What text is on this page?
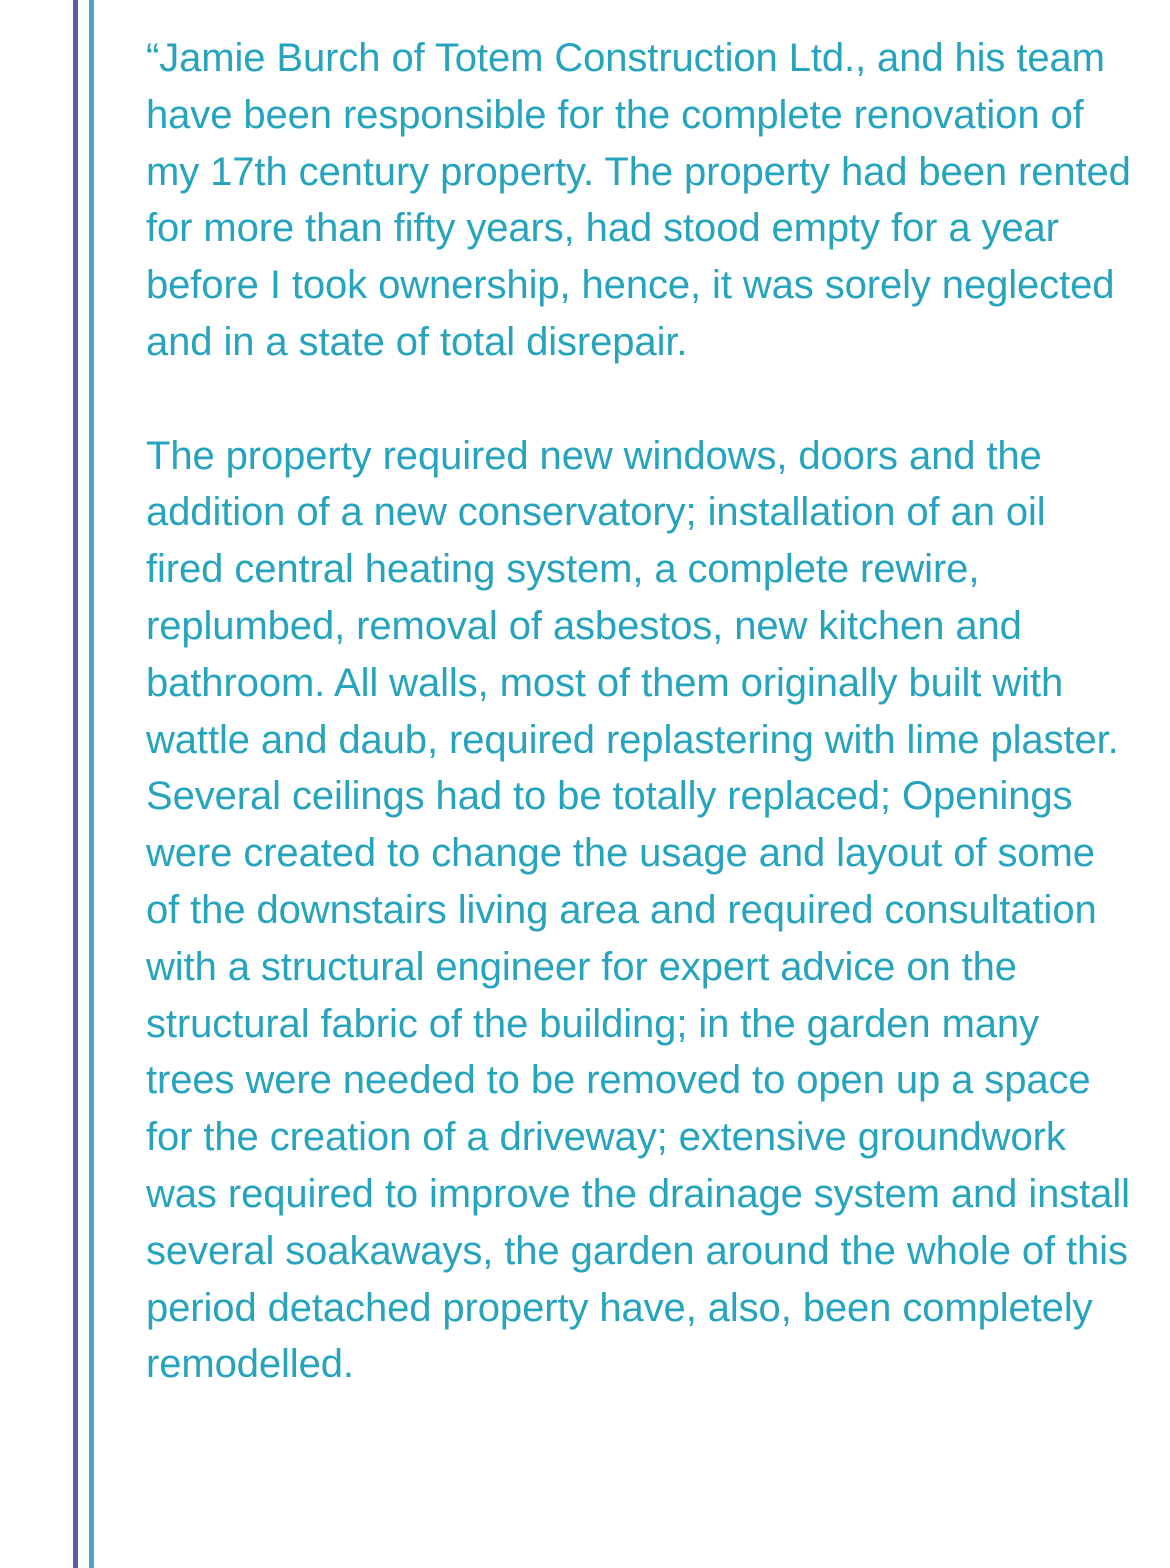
“Jamie Burch of Totem Construction Ltd., and his team have been responsible for the complete renovation of my 17th century property. The property had been rented for more than fifty years, had stood empty for a year before I took ownership, hence, it was sorely neglected and in a state of total disrepair.

The property required new windows, doors and the addition of a new conservatory; installation of an oil fired central heating system, a complete rewire, replumbed, removal of asbestos, new kitchen and bathroom. All walls, most of them originally built with wattle and daub, required replastering with lime plaster. Several ceilings had to be totally replaced; Openings were created to change the usage and layout of some of the downstairs living area and required consultation with a structural engineer for expert advice on the structural fabric of the building; in the garden many trees were needed to be removed to open up a space for the creation of a driveway; extensive groundwork was required to improve the drainage system and install several soakaways, the garden around the whole of this period detached property have, also, been completely remodelled.
